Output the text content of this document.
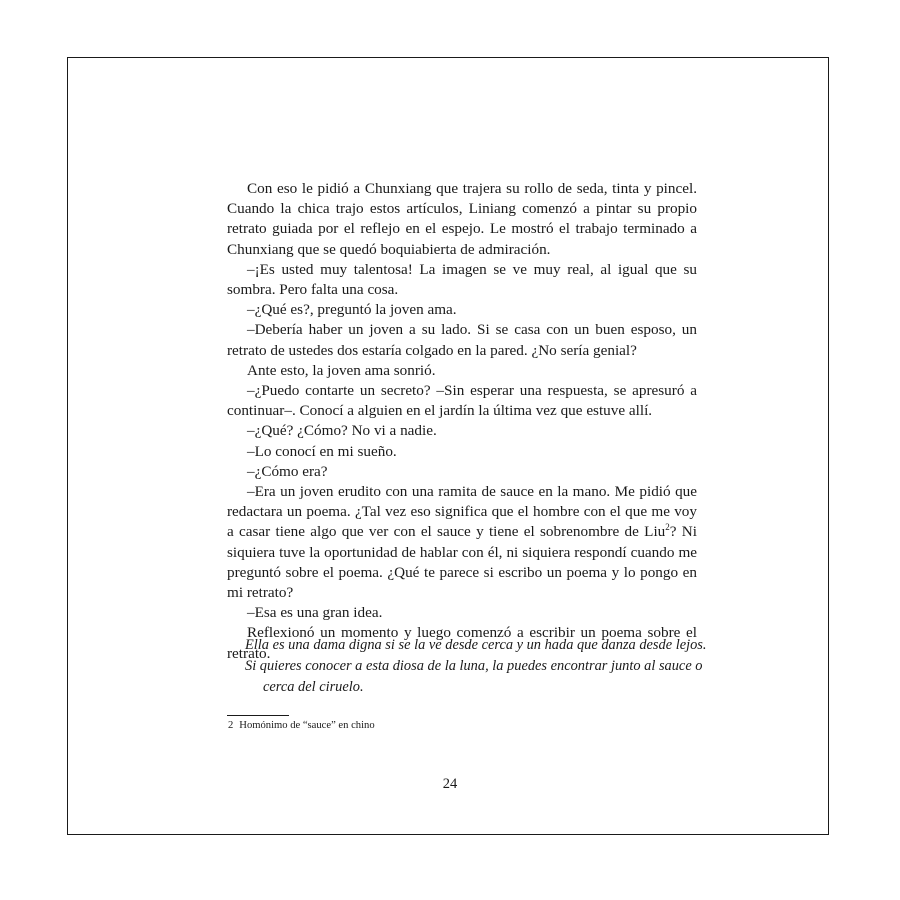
Con eso le pidió a Chunxiang que trajera su rollo de seda, tinta y pincel. Cuando la chica trajo estos artículos, Liniang comenzó a pintar su propio retrato guiada por el reflejo en el espejo. Le mostró el trabajo terminado a Chunxiang que se quedó boquiabierta de admiración.

–¡Es usted muy talentosa! La imagen se ve muy real, al igual que su sombra. Pero falta una cosa.

–¿Qué es?, preguntó la joven ama.

–Debería haber un joven a su lado. Si se casa con un buen esposo, un retrato de ustedes dos estaría colgado en la pared. ¿No sería genial?

Ante esto, la joven ama sonrió.

–¿Puedo contarte un secreto? –Sin esperar una respuesta, se apresuró a continuar–. Conocí a alguien en el jardín la última vez que estuve allí.

–¿Qué? ¿Cómo? No vi a nadie.

–Lo conocí en mi sueño.

–¿Cómo era?

–Era un joven erudito con una ramita de sauce en la mano. Me pidió que redactara un poema. ¿Tal vez eso significa que el hombre con el que me voy a casar tiene algo que ver con el sauce y tiene el sobrenombre de Liu$^2$? Ni siquiera tuve la oportunidad de hablar con él, ni siquiera respondí cuando me preguntó sobre el poema. ¿Qué te parece si escribo un poema y lo pongo en mi retrato?

–Esa es una gran idea.

Reflexionó un momento y luego comenzó a escribir un poema sobre el retrato.

Ella es una dama digna si se la ve desde cerca y un hada que danza desde lejos.

Si quieres conocer a esta diosa de la luna, la puedes encontrar junto al sauce o cerca del ciruelo.

2 Homónimo de “sauce” en chino
24
